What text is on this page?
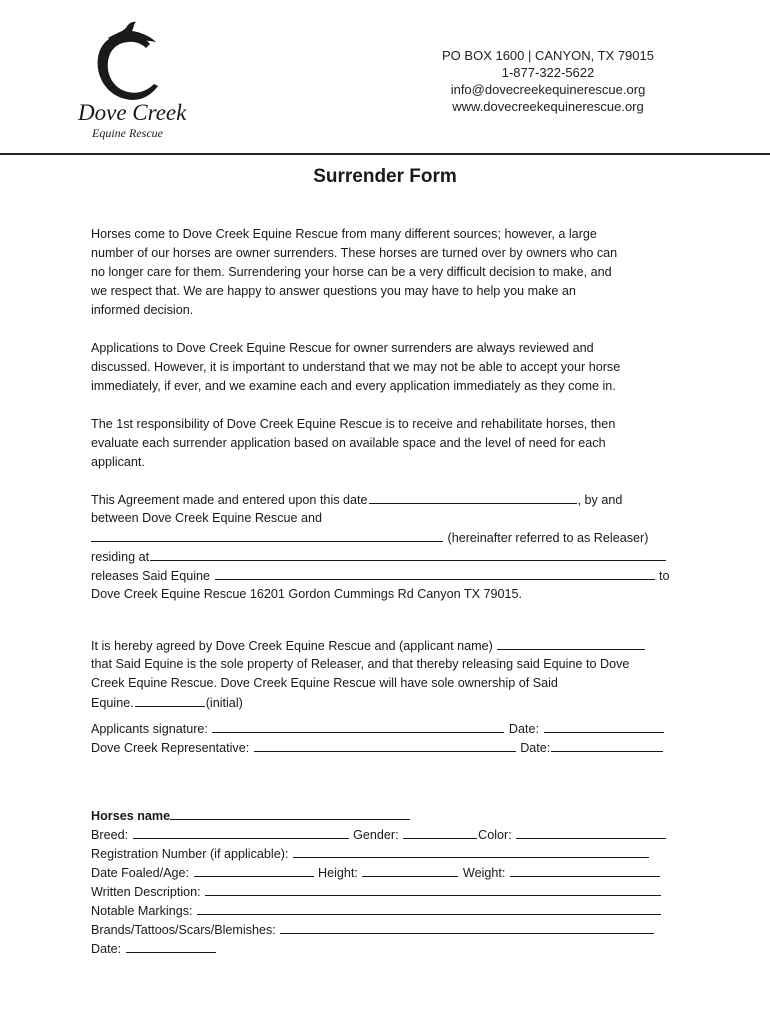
Dove Creek
Equine Rescue
PO BOX 1600 | CANYON, TX 79015
1-877-322-5622
info@dovecreekequinerescue.org
www.dovecreekequinerescue.org
Surrender Form
Horses come to Dove Creek Equine Rescue from many different sources; however, a large
number of our horses are owner surrenders. These horses are turned over by owners who can
no longer care for them. Surrendering your horse can be a very difficult decision to make, and
we respect that. We are happy to answer questions you may have to help you make an
informed decision.
Applications to Dove Creek Equine Rescue for owner surrenders are always reviewed and
discussed. However, it is important to understand that we may not be able to accept your horse
immediately, if ever, and we examine each and every application immediately as they come in.
The 1st responsibility of Dove Creek Equine Rescue is to receive and rehabilitate horses, then
evaluate each surrender application based on available space and the level of need for each
applicant.
This Agreement made and entered upon this date	, by and
between Dove Creek Equine Rescue and
(hereinafter referred to as Releaser)
residing at
releases Said Equine	to
Dove Creek Equine Rescue 16201 Gordon Cummings Rd Canyon TX 79015.
It is hereby agreed by Dove Creek Equine Rescue and (applicant name)
that Said Equine is the sole property of Releaser, and that thereby releasing said Equine to Dove
Creek Equine Rescue. Dove Creek Equine Rescue will have sole ownership of Said
Equine.	(initial)
Applicants signature:	Date:
Dove Creek Representative:	Date:
Horses name
Breed:	Gender:	Color:
Registration Number (if applicable):
Date Foaled/Age:	Height:	Weight:
Written Description:
Notable Markings:
Brands/Tattoos/Scars/Blemishes:
Date:
